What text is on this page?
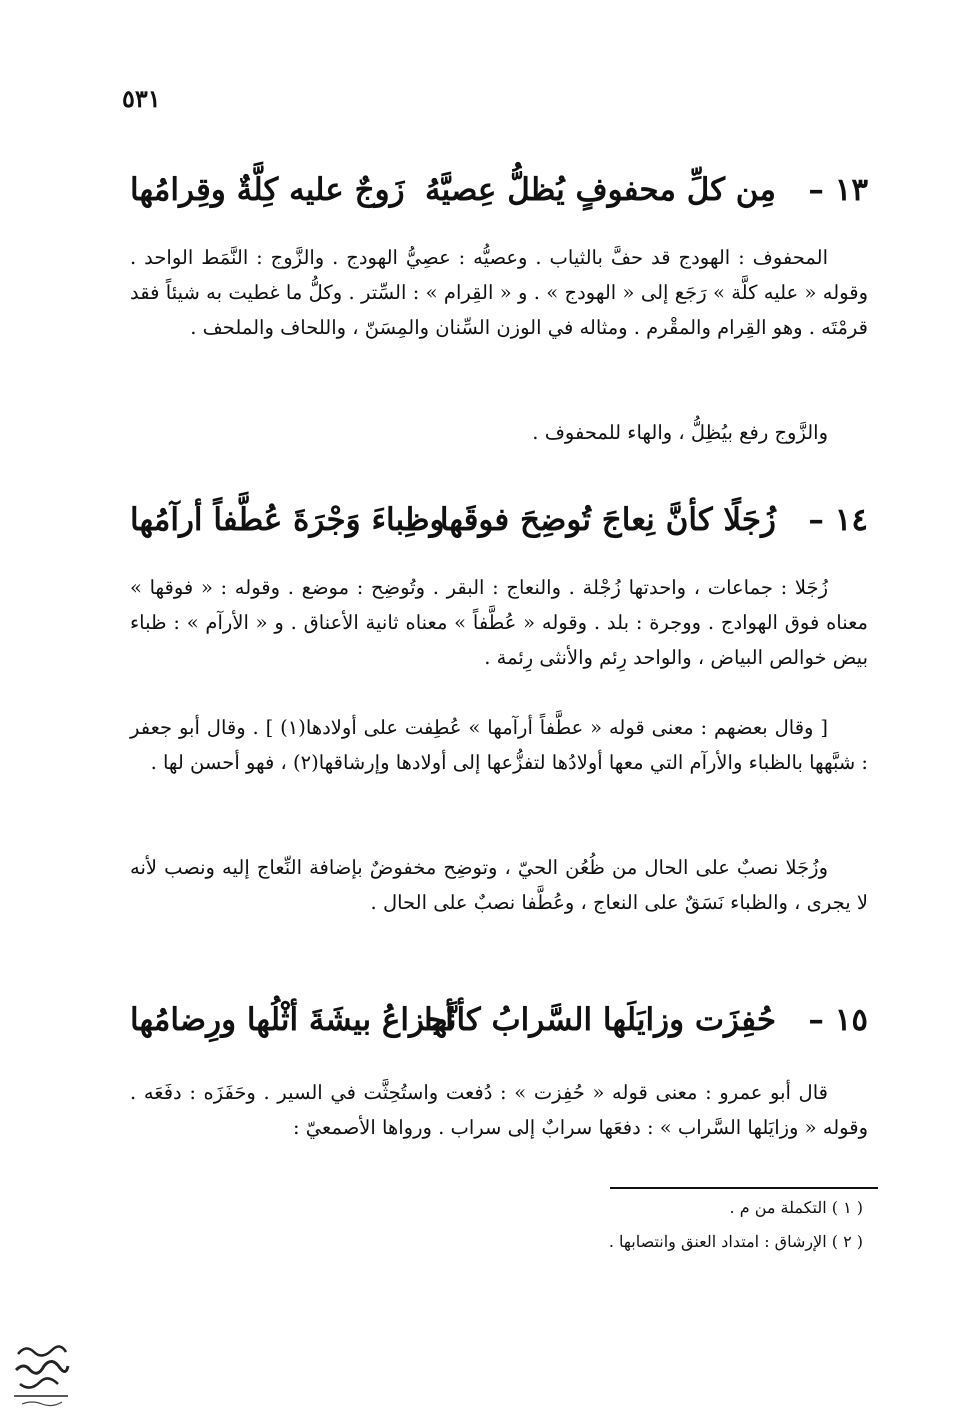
٥٣١
١٣ –
مِن كلِّ محفوفٍ يُظلُّ عِصيَّهُ
زَوجٌ عليه كِلَّةٌ وقِرامُها

المحفوف : الهودج قد حفَّ بالثياب . وعصيُّه : عصِيُّ الهودج . والزَّوج : النَّمَط الواحد . وقوله « عليه كلَّة » رَجَع إلى « الهودج » . و « القِرام » : السِّتر . وكلُّ ما غطيت به شيئاً فقد قرمْتَه . وهو القِرام والمقْرم . ومثاله في الوزن السِّنان والمِسَنّ ، واللحاف والملحف .

والزَّوج رفع بيُظِلُّ ، والهاء للمحفوف .

١٤ –
زُجَلًا كأنَّ نِعاجَ تُوضِحَ فوقَها
وظِباءَ وَجْرَةَ عُطَّفاً أرآمُها

زُجَلا : جماعات ، واحدتها زُجْلة . والنعاج : البقر . وتُوضِح : موضع . وقوله : « فوقها » معناه فوق الهوادج . ووجرة : بلد . وقوله « عُطَّفاً » معناه ثانية الأعناق . و « الأرآم » : ظباء بيض خوالص البياض ، والواحد رِئم والأنثى رِئمة .

[ وقال بعضهم : معنى قوله « عطَّفاً أرآمها » عُطِفت على أولادها(١) ] . وقال أبو جعفر : شبَّهها بالظباء والأرآم التي معها أولادُها لتفزُّعها إلى أولادها وإرشاقها(٢) ، فهو أحسن لها .

وزُجَلا نصبٌ على الحال من ظُعُن الحيّ ، وتوضِح مخفوضٌ بإضافة النِّعاج إليه ونصب لأنه لا يجرى ، والظباء نَسَقٌ على النعاج ، وعُطَّفا نصبٌ على الحال .

١٥ –
حُفِزَت وزايَلَها السَّرابُ كأنَّها
أجزاعُ بيشَةَ أثْلُها ورِضامُها

قال أبو عمرو : معنى قوله « حُفِزت » : دُفعت واستُحِثَّت في السير . وحَفَزَه : دفَعَه . وقوله « وزايَلها السَّراب » : دفعَها سرابٌ إلى سراب . ورواها الأصمعيّ :

( ١ ) التكملة من م .
( ٢ ) الإرشاق : امتداد العنق وانتصابها .
